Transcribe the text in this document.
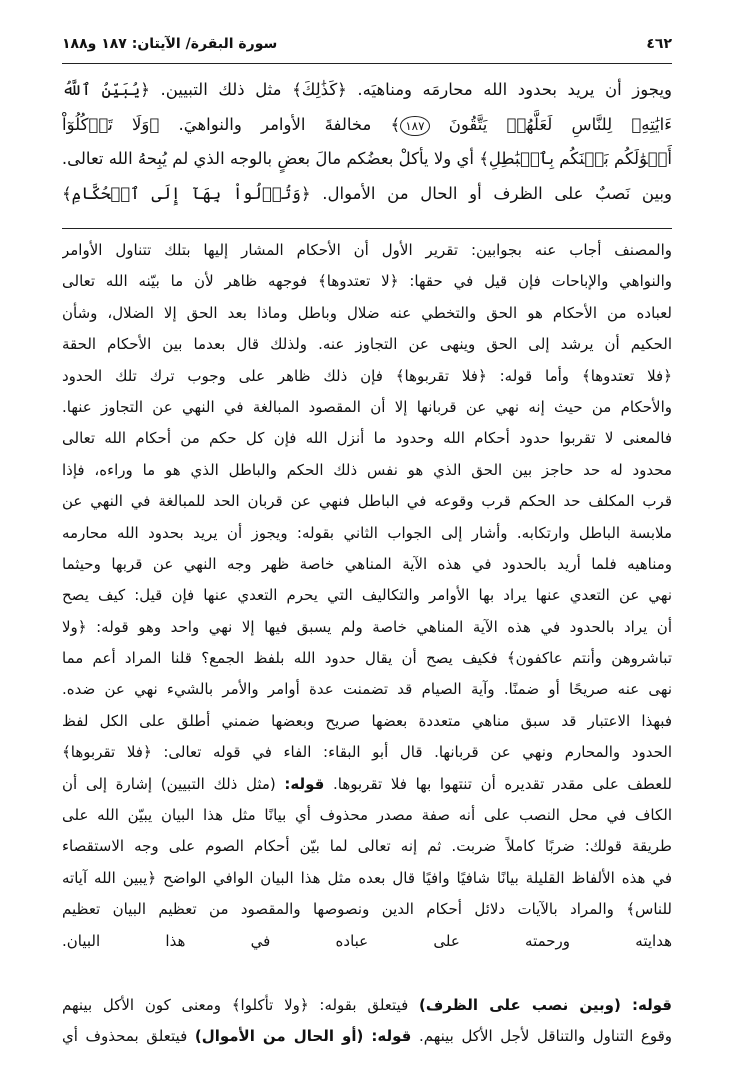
٤٦٢
سورة البقرة/ الآيتان: ١٨٧ و١٨٨
ويجوز أن يريد بحدود الله محارمَه ومناهيَه. ﴿كَذَٰلِكَ﴾ مثل ذلك التبيين. ﴿يُبَيِّنُ ٱللَّهُ
ءَايَٰتِهِۦ لِلنَّاسِ لَعَلَّهُمۡ يَتَّقُونَ ١٨٧﴾ مخالفةَ الأوامر والنواهيَ. ﴿وَلَا تَأۡكُلُوٓاْ
أَمۡوَٰلَكُم بَيۡنَكُم بِٱلۡبَٰطِلِ﴾ أي ولا يأكلْ بعضُكم مالَ بعضٍ بالوجه الذي لم يُبِحهُ الله تعالى.
وبين نَصبٌ على الظرف أو الحال من الأموال. ﴿وَتُدۡلُواْ بِهَآ إِلَى ٱلۡحُكَّامِ﴾
والمصنف أجاب عنه بجوابين: تقرير الأول أن الأحكام المشار إليها بتلك تتناول الأوامر
والنواهي والإباحات فإن قيل في حقها: ﴿لا تعتدوها﴾ فوجهه ظاهر لأن ما بيّنه الله تعالى
لعباده من الأحكام هو الحق والتخطي عنه ضلال وباطل وماذا بعد الحق إلا الضلال، وشأن
الحكيم أن يرشد إلى الحق وينهى عن التجاوز عنه. ولذلك قال بعدما بين الأحكام الحقة
﴿فلا تعتدوها﴾ وأما قوله: ﴿فلا تقربوها﴾ فإن ذلك ظاهر على وجوب ترك تلك الحدود
والأحكام من حيث إنه نهي عن قربانها إلا أن المقصود المبالغة في النهي عن التجاوز عنها.
فالمعنى لا تقربوا حدود أحكام الله وحدود ما أنزل الله فإن كل حكم من أحكام الله تعالى
محدود له حد حاجز بين الحق الذي هو نفس ذلك الحكم والباطل الذي هو ما وراءه، فإذا
قرب المكلف حد الحكم قرب وقوعه في الباطل فنهي عن قربان الحد للمبالغة في النهي عن
ملابسة الباطل وارتكابه. وأشار إلى الجواب الثاني بقوله: ويجوز أن يريد بحدود الله محارمه
ومناهيه فلما أريد بالحدود في هذه الآية المناهي خاصة ظهر وجه النهي عن قربها وحيثما
نهي عن التعدي عنها يراد بها الأوامر والتكاليف التي يحرم التعدي عنها فإن قيل: كيف يصح
أن يراد بالحدود في هذه الآية المناهي خاصة ولم يسبق فيها إلا نهي واحد وهو قوله: ﴿ولا
تباشروهن وأنتم عاكفون﴾ فكيف يصح أن يقال حدود الله بلفظ الجمع؟ قلنا المراد أعم مما
نهى عنه صريحًا أو ضمنًا. وآية الصيام قد تضمنت عدة أوامر والأمر بالشيء نهي عن ضده.
فبهذا الاعتبار قد سبق مناهي متعددة بعضها صريح وبعضها ضمني أطلق على الكل لفظ
الحدود والمحارم ونهي عن قربانها. قال أبو البقاء: الفاء في قوله تعالى: ﴿فلا تقربوها﴾
للعطف على مقدر تقديره أن تنتهوا بها فلا تقربوها. قوله: (مثل ذلك التبيين) إشارة إلى أن
الكاف في محل النصب على أنه صفة مصدر محذوف أي بيانًا مثل هذا البيان يبيّن الله على
طريقة قولك: ضربًا كاملاً ضربت. ثم إنه تعالى لما بيّن أحكام الصوم على وجه الاستقصاء
في هذه الألفاظ القليلة بيانًا شافيًا وافيًا قال بعده مثل هذا البيان الوافي الواضح ﴿يبين الله آياته
للناس﴾ والمراد بالآيات دلائل أحكام الدين ونصوصها والمقصود من تعظيم البيان تعظيم
هدايته ورحمته على عباده في هذا البيان.
قوله: (وبين نصب على الظرف) فيتعلق بقوله: ﴿ولا تأكلوا﴾ ومعنى كون الأكل بينهم
وقوع التناول والتناقل لأجل الأكل بينهم. قوله: (أو الحال من الأموال) فيتعلق بمحذوف أي
